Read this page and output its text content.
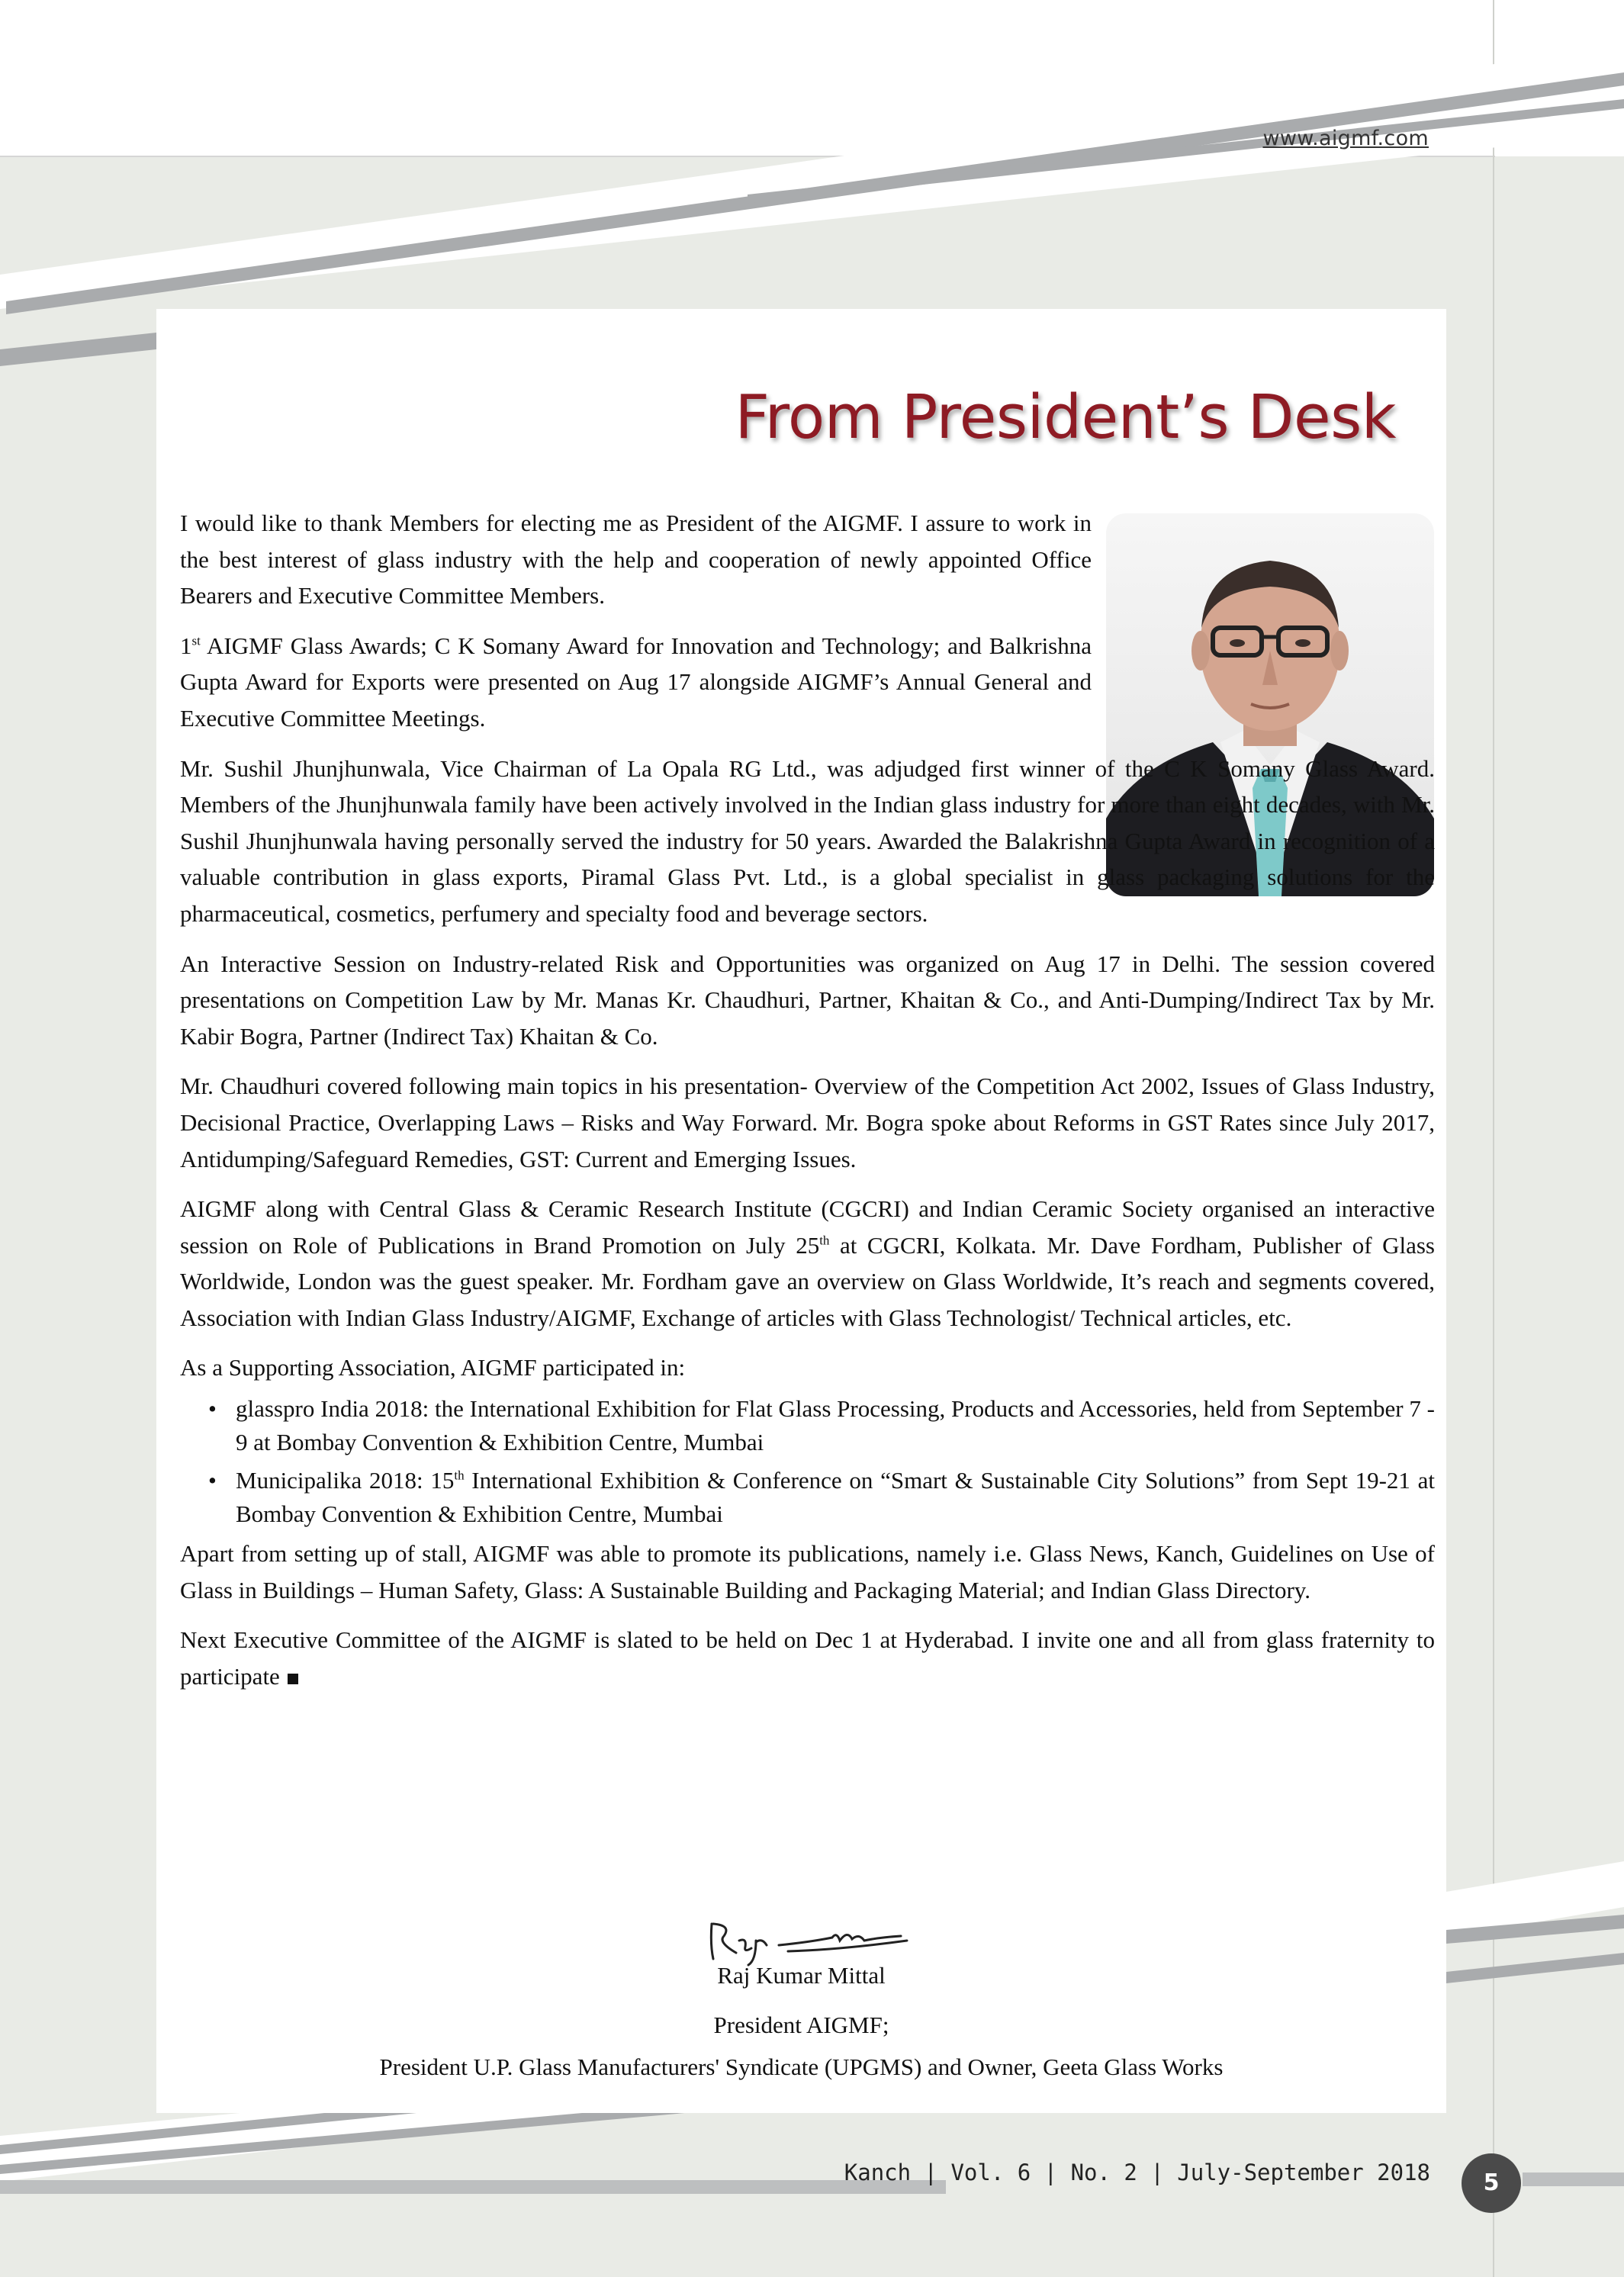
www.aigmf.com
From President’s Desk

I would like to thank Members for electing me as President of the AIGMF. I assure to work in the best interest of glass industry with the help and cooperation of newly appointed Office Bearers and Executive Committee Members.

1st AIGMF Glass Awards; C K Somany Award for Innovation and Technology; and Balkrishna Gupta Award for Exports were presented on Aug 17 alongside AIGMF’s Annual General and Executive Committee Meetings.

Mr. Sushil Jhunjhunwala, Vice Chairman of La Opala RG Ltd., was adjudged first winner of the C K Somany Glass Award. Members of the Jhunjhunwala family have been actively involved in the Indian glass industry for more than eight decades, with Mr. Sushil Jhunjhunwala having personally served the industry for 50 years. Awarded the Balakrishna Gupta Award in recognition of a valuable contribution in glass exports, Piramal Glass Pvt. Ltd., is a global specialist in glass packaging solutions for the pharmaceutical, cosmetics, perfumery and specialty food and beverage sectors.

An Interactive Session on Industry-related Risk and Opportunities was organized on Aug 17 in Delhi. The session covered presentations on Competition Law by Mr. Manas Kr. Chaudhuri, Partner, Khaitan & Co., and Anti-Dumping/Indirect Tax by Mr. Kabir Bogra, Partner (Indirect Tax) Khaitan & Co.

Mr. Chaudhuri covered following main topics in his presentation- Overview of the Competition Act 2002, Issues of Glass Industry, Decisional Practice, Overlapping Laws – Risks and Way Forward. Mr. Bogra spoke about Reforms in GST Rates since July 2017, Antidumping/Safeguard Remedies, GST: Current and Emerging Issues.

AIGMF along with Central Glass & Ceramic Research Institute (CGCRI) and Indian Ceramic Society organised an interactive session on Role of Publications in Brand Promotion on July 25th at CGCRI, Kolkata. Mr. Dave Fordham, Publisher of Glass Worldwide, London was the guest speaker. Mr. Fordham gave an overview on Glass Worldwide, It’s reach and segments covered, Association with Indian Glass Industry/AIGMF, Exchange of articles with Glass Technologist/ Technical articles, etc.

As a Supporting Association, AIGMF participated in:

• glasspro India 2018: the International Exhibition for Flat Glass Processing, Products and Accessories, held from September 7 - 9 at Bombay Convention & Exhibition Centre, Mumbai
• Municipalika 2018: 15th International Exhibition & Conference on “Smart & Sustainable City Solutions” from Sept 19-21 at Bombay Convention & Exhibition Centre, Mumbai

Apart from setting up of stall, AIGMF was able to promote its publications, namely i.e. Glass News, Kanch, Guidelines on Use of Glass in Buildings – Human Safety, Glass: A Sustainable Building and Packaging Material; and Indian Glass Directory.

Next Executive Committee of the AIGMF is slated to be held on Dec 1 at Hyderabad. I invite one and all from glass fraternity to participate

Raj Kumar Mittal
President AIGMF;
President U.P. Glass Manufacturers' Syndicate (UPGMS) and Owner, Geeta Glass Works
Kanch | Vol. 6 | No. 2 | July-September 2018	5
